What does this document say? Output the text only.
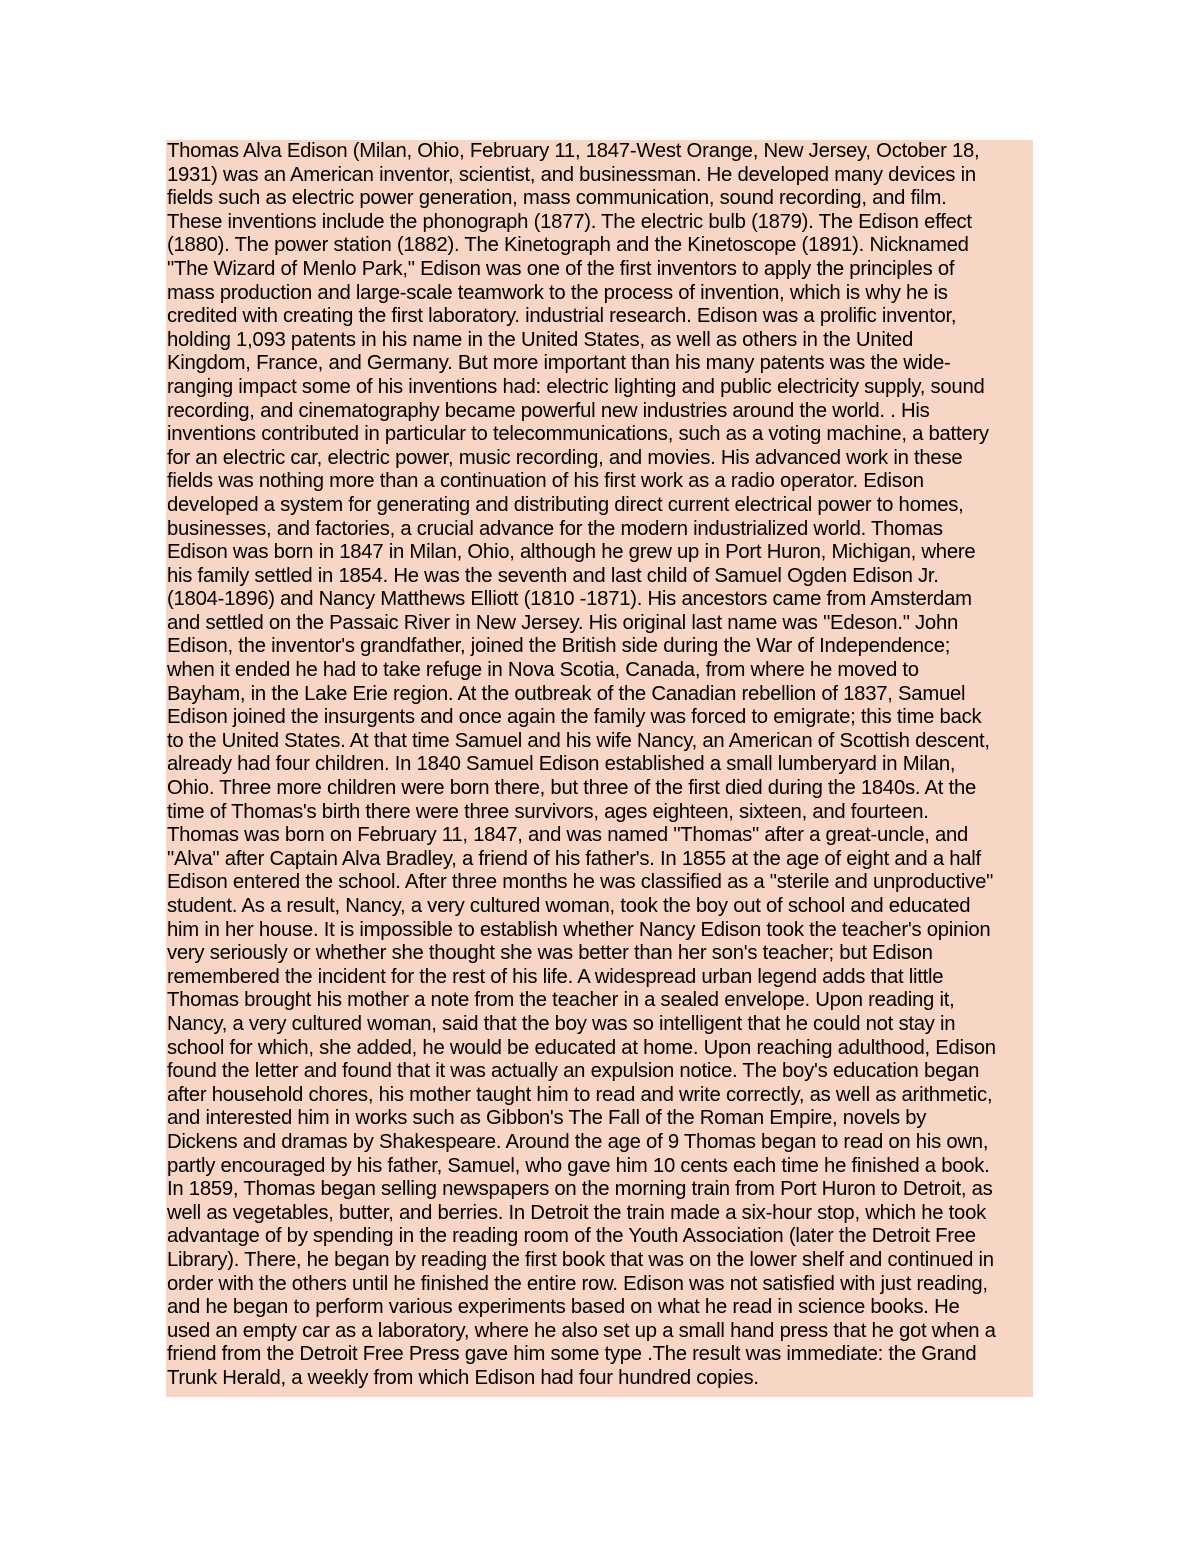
Thomas Alva Edison (Milan, Ohio, February 11, 1847-West Orange, New Jersey, October 18,
1931) was an American inventor, scientist, and businessman. He developed many devices in
fields such as electric power generation, mass communication, sound recording, and film.
These inventions include the phonograph (1877). The electric bulb (1879). The Edison effect
(1880). The power station (1882). The Kinetograph and the Kinetoscope (1891). Nicknamed
"The Wizard of Menlo Park," Edison was one of the first inventors to apply the principles of
mass production and large-scale teamwork to the process of invention, which is why he is
credited with creating the first laboratory. industrial research. Edison was a prolific inventor,
holding 1,093 patents in his name in the United States, as well as others in the United
Kingdom, France, and Germany. But more important than his many patents was the wide-
ranging impact some of his inventions had: electric lighting and public electricity supply, sound
recording, and cinematography became powerful new industries around the world. . His
inventions contributed in particular to telecommunications, such as a voting machine, a battery
for an electric car, electric power, music recording, and movies. His advanced work in these
fields was nothing more than a continuation of his first work as a radio operator. Edison
developed a system for generating and distributing direct current electrical power to homes,
businesses, and factories, a crucial advance for the modern industrialized world. Thomas
Edison was born in 1847 in Milan, Ohio, although he grew up in Port Huron, Michigan, where
his family settled in 1854. He was the seventh and last child of Samuel Ogden Edison Jr.
(1804-1896) and Nancy Matthews Elliott (1810 -1871). His ancestors came from Amsterdam
and settled on the Passaic River in New Jersey. His original last name was "Edeson." John
Edison, the inventor's grandfather, joined the British side during the War of Independence;
when it ended he had to take refuge in Nova Scotia, Canada, from where he moved to
Bayham, in the Lake Erie region. At the outbreak of the Canadian rebellion of 1837, Samuel
Edison joined the insurgents and once again the family was forced to emigrate; this time back
to the United States. At that time Samuel and his wife Nancy, an American of Scottish descent,
already had four children. In 1840 Samuel Edison established a small lumberyard in Milan,
Ohio. Three more children were born there, but three of the first died during the 1840s. At the
time of Thomas's birth there were three survivors, ages eighteen, sixteen, and fourteen.
Thomas was born on February 11, 1847, and was named "Thomas" after a great-uncle, and
"Alva" after Captain Alva Bradley, a friend of his father's. In 1855 at the age of eight and a half
Edison entered the school. After three months he was classified as a "sterile and unproductive"
student. As a result, Nancy, a very cultured woman, took the boy out of school and educated
him in her house. It is impossible to establish whether Nancy Edison took the teacher's opinion
very seriously or whether she thought she was better than her son's teacher; but Edison
remembered the incident for the rest of his life. A widespread urban legend adds that little
Thomas brought his mother a note from the teacher in a sealed envelope. Upon reading it,
Nancy, a very cultured woman, said that the boy was so intelligent that he could not stay in
school for which, she added, he would be educated at home. Upon reaching adulthood, Edison
found the letter and found that it was actually an expulsion notice. The boy's education began
after household chores, his mother taught him to read and write correctly, as well as arithmetic,
and interested him in works such as Gibbon's The Fall of the Roman Empire, novels by
Dickens and dramas by Shakespeare. Around the age of 9 Thomas began to read on his own,
partly encouraged by his father, Samuel, who gave him 10 cents each time he finished a book.
In 1859, Thomas began selling newspapers on the morning train from Port Huron to Detroit, as
well as vegetables, butter, and berries. In Detroit the train made a six-hour stop, which he took
advantage of by spending in the reading room of the Youth Association (later the Detroit Free
Library). There, he began by reading the first book that was on the lower shelf and continued in
order with the others until he finished the entire row. Edison was not satisfied with just reading,
and he began to perform various experiments based on what he read in science books. He
used an empty car as a laboratory, where he also set up a small hand press that he got when a
friend from the Detroit Free Press gave him some type .The result was immediate: the Grand
Trunk Herald, a weekly from which Edison had four hundred copies.
